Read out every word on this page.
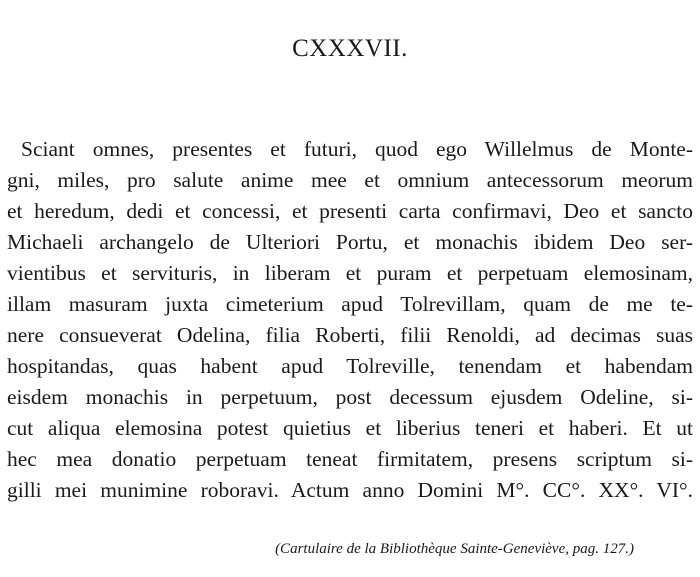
CXXXVII.
Sciant omnes, presentes et futuri, quod ego Willelmus de Monte-
gni, miles, pro salute anime mee et omnium antecessorum meorum
et heredum, dedi et concessi, et presenti carta confirmavi, Deo et sancto
Michaeli archangelo de Ulteriori Portu, et monachis ibidem Deo ser-
vientibus et servituris, in liberam et puram et perpetuam elemosinam,
illam masuram juxta cimeterium apud Tolrevillam, quam de me te-
nere consueverat Odelina, filia Roberti, filii Renoldi, ad decimas suas
hospitandas, quas habent apud Tolreville, tenendam et habendam
eisdem monachis in perpetuum, post decessum ejusdem Odeline, si-
cut aliqua elemosina potest quietius et liberius teneri et haberi. Et ut
hec mea donatio perpetuam teneat firmitatem, presens scriptum si-
gilli mei munimine roboravi. Actum anno Domini M°. CC°. XX°. VI°.
(Cartulaire de la Bibliothèque Sainte-Geneviève, pag. 127.)
